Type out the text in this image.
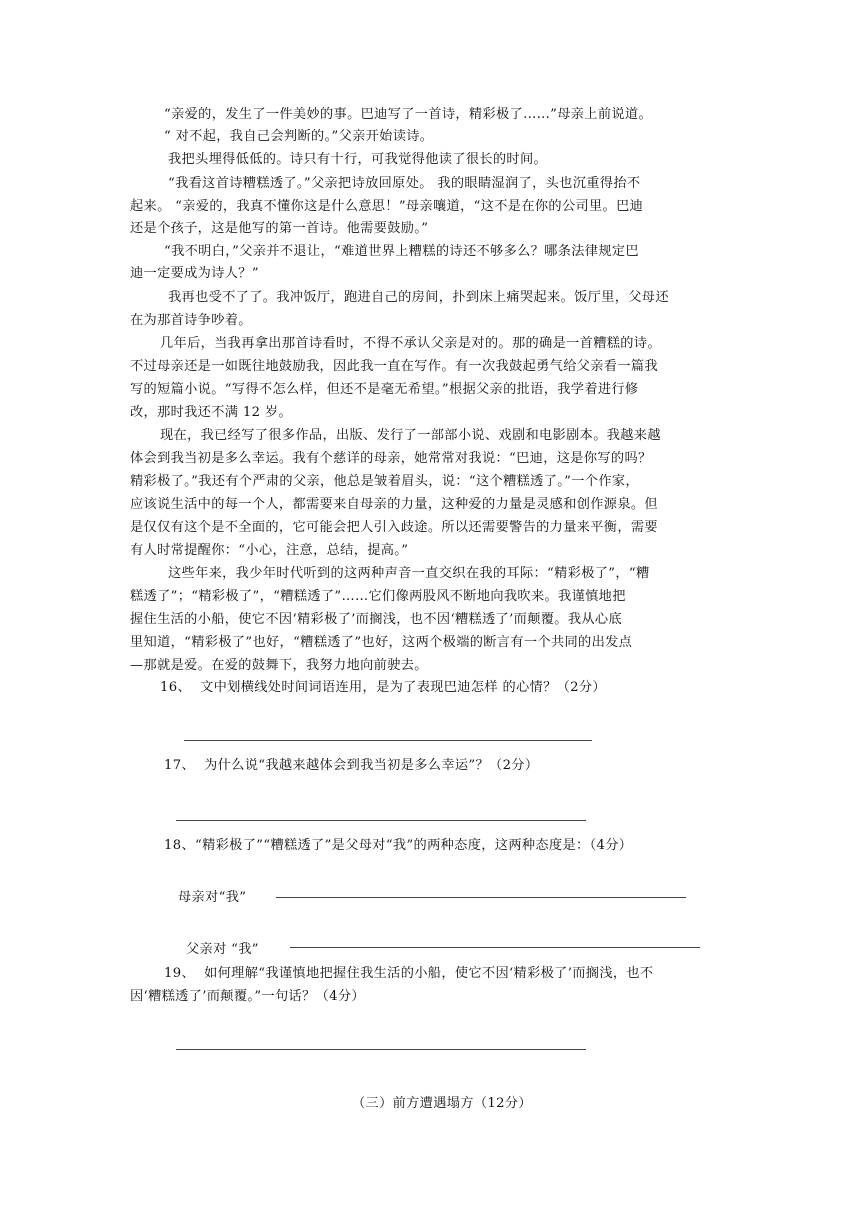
“亲爱的，发生了一件美妙的事。巴迪写了一首诗，精彩极了……”母亲上前说道。
“ 对不起，我自己会判断的。”父亲开始读诗。
我把头埋得低低的。诗只有十行，可我觉得他读了很长的时间。
“我看这首诗糟糕透了。”父亲把诗放回原处。 我的眼睛湿润了，头也沉重得抬不
起来。 “亲爱的，我真不懂你这是什么意思！”母亲嚷道，“这不是在你的公司里。巴迪
还是个孩子，这是他写的第一首诗。他需要鼓励。”
“我不明白，”父亲并不退让，“难道世界上糟糕的诗还不够多么？哪条法律规定巴
迪一定要成为诗人？”
我再也受不了了。我冲饭厅，跑进自己的房间，扑到床上痛哭起来。饭厅里，父母还
在为那首诗争吵着。
几年后，当我再拿出那首诗看时，不得不承认父亲是对的。那的确是一首糟糕的诗。
不过母亲还是一如既往地鼓励我，因此我一直在写作。有一次我鼓起勇气给父亲看一篇我
写的短篇小说。“写得不怎么样，但还不是毫无希望。”根据父亲的批语，我学着进行修
改，那时我还不满 12 岁。
现在，我已经写了很多作品，出版、发行了一部部小说、戏剧和电影剧本。我越来越
体会到我当初是多么幸运。我有个慈详的母亲，她常常对我说：“巴迪，这是你写的吗？
精彩极了。”我还有个严肃的父亲，他总是皱着眉头，说：“这个糟糕透了。”一个作家，
应该说生活中的每一个人，都需要来自母亲的力量，这种爱的力量是灵感和创作源泉。但
是仅仅有这个是不全面的，它可能会把人引入歧途。所以还需要警告的力量来平衡，需要
有人时常提醒你：“小心，注意，总结，提高。”
这些年来，我少年时代听到的这两种声音一直交织在我的耳际：“精彩极了”，“糟
糕透了”；“精彩极了”，“糟糕透了”……它们像两股风不断地向我吹来。我谨慎地把
握住生活的小船，使它不因‘精彩极了’而搁浅，也不因‘糟糕透了’而颠覆。我从心底
里知道，“精彩极了”也好，“糟糕透了”也好，这两个极端的断言有一个共同的出发点
—那就是爱。在爱的鼓舞下，我努力地向前驶去。
16、  文中划横线处时间词语连用，是为了表现巴迪怎样 的心情？（2分）
17、  为什么说“我越来越体会到我当初是多么幸运”？（2分）
18、“精彩极了”“糟糕透了”是父母对“我”的两种态度，这两种态度是：（4分）
母亲对“我”
父亲对 “我”
19、  如何理解“我谨慎地把握住我生活的小船，使它不因‘精彩极了’而搁浅，也不
因‘糟糕透了’而颠覆。”一句话？（4分）
（三）前方遭遇塌方（12分）
